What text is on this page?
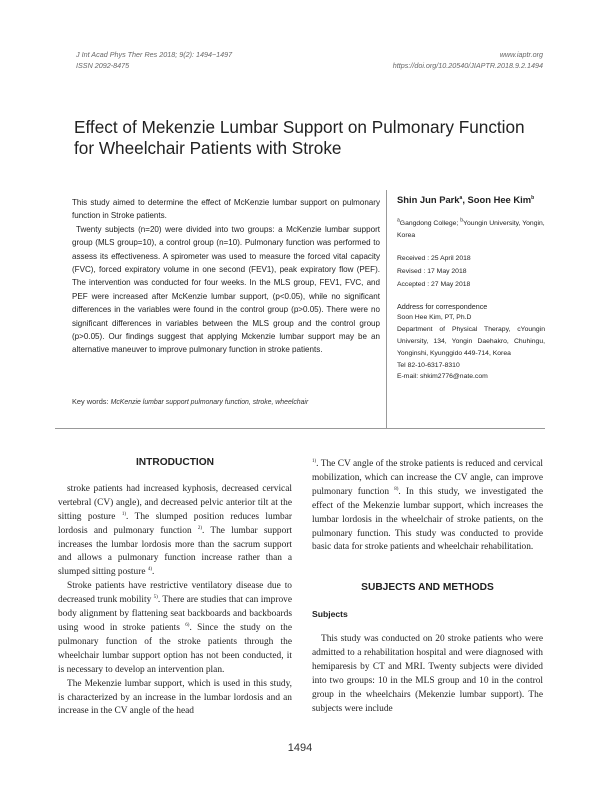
J Int Acad Phys Ther Res 2018; 9(2): 1494~1497
ISSN 2092-8475
www.iaptr.org
https://doi.org/10.20540/JIAPTR.2018.9.2.1494
Effect of Mekenzie Lumbar Support on Pulmonary Function
for Wheelchair Patients with Stroke

This study aimed to determine the effect of McKenzie lumbar support on pulmonary function in Stroke patients.

Twenty subjects (n=20) were divided into two groups: a McKenzie lumbar support group (MLS group=10), a control group (n=10). Pulmonary function was performed to assess its effectiveness. A spirometer was used to measure the forced vital capacity (FVC), forced expiratory volume in one second (FEV1), peak expiratory flow (PEF). The intervention was conducted for four weeks. In the MLS group, FEV1, FVC, and PEF were increased after McKenzie lumbar support, (p<0.05), while no significant differences in the variables were found in the control group (p>0.05). There were no significant differences in variables between the MLS group and the control group (p>0.05). Our findings suggest that applying Mckenzie lumbar support may be an alternative maneuver to improve pulmonary function in stroke patients.

Shin Jun Park$^a$, Soon Hee Kim$^b$

$^a$Gangdong College; $^b$Youngin University, Yongin, Korea

Received : 25 April 2018
Revised : 17 May 2018
Accepted : 27 May 2018
Address for correspondence
Soon Hee Kim, PT, Ph.D
Department of Physical Therapy, cYoungin University, 134, Yongin Daehakro, Chuhingu, Yonginshi, Kyunggido 449-714, Korea
Tel 82-10-6317-8310
E-mail: shkim2776@nate.com
Key words: McKenzie lumbar support pulmonary function, stroke, wheelchair
INTRODUCTION

stroke patients had increased kyphosis, decreased cervical vertebral (CV) angle), and decreased pelvic anterior tilt at the sitting posture $^{1)}$. The slumped position reduces lumbar lordosis and pulmonary function $^{2)}$. The lumbar support increases the lumbar lordosis more than the sacrum support and allows a pulmonary function increase rather than a slumped sitting posture $^{4)}$.

Stroke patients have restrictive ventilatory disease due to decreased trunk mobility $^{5)}$. There are studies that can improve body alignment by flattening seat backboards and backboards using wood in stroke patients $^{6)}$. Since the study on the pulmonary function of the stroke patients through the wheelchair lumbar support option has not been conducted, it is necessary to develop an intervention plan.

The Mekenzie lumbar support, which is used in this study, is characterized by an increase in the lumbar lordosis and an increase in the CV angle of the head

$^{1)}$. The CV angle of the stroke patients is reduced and cervical mobilization, which can increase the CV angle, can improve pulmonary function $^{8)}$. In this study, we investigated the effect of the Mekenzie lumbar support, which increases the lumbar lordosis in the wheelchair of stroke patients, on the pulmonary function. This study was conducted to provide basic data for stroke patients and wheelchair rehabilitation.

SUBJECTS AND METHODS
Subjects

This study was conducted on 20 stroke patients who were admitted to a rehabilitation hospital and were diagnosed with hemiparesis by CT and MRI. Twenty subjects were divided into two groups: 10 in the MLS group and 10 in the control group in the wheelchairs (Mekenzie lumbar support). The subjects were include

1494
